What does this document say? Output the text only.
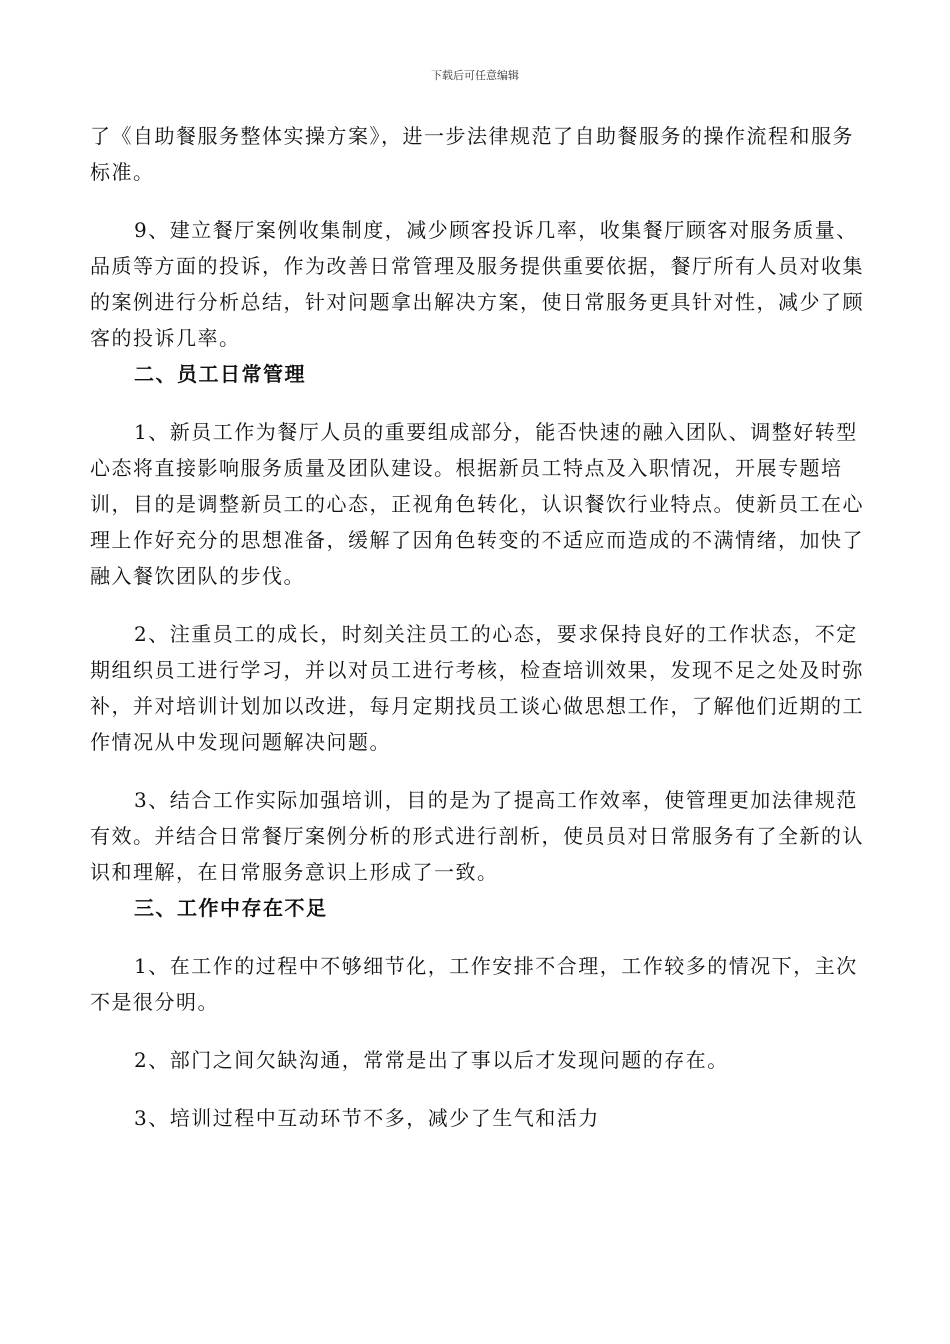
下载后可任意编辑

了《自助餐服务整体实操方案》，进一步法律规范了自助餐服务的操作流程和服务标准。

9、建立餐厅案例收集制度，减少顾客投诉几率，收集餐厅顾客对服务质量、品质等方面的投诉，作为改善日常管理及服务提供重要依据，餐厅所有人员对收集的案例进行分析总结，针对问题拿出解决方案，使日常服务更具针对性，减少了顾客的投诉几率。

二、员工日常管理

1、新员工作为餐厅人员的重要组成部分，能否快速的融入团队、调整好转型心态将直接影响服务质量及团队建设。根据新员工特点及入职情况，开展专题培训，目的是调整新员工的心态，正视角色转化，认识餐饮行业特点。使新员工在心理上作好充分的思想准备，缓解了因角色转变的不适应而造成的不满情绪，加快了融入餐饮团队的步伐。

2、注重员工的成长，时刻关注员工的心态，要求保持良好的工作状态，不定期组织员工进行学习，并以对员工进行考核，检查培训效果，发现不足之处及时弥补，并对培训计划加以改进，每月定期找员工谈心做思想工作，了解他们近期的工作情况从中发现问题解决问题。

3、结合工作实际加强培训，目的是为了提高工作效率，使管理更加法律规范有效。并结合日常餐厅案例分析的形式进行剖析，使员员对日常服务有了全新的认识和理解，在日常服务意识上形成了一致。

三、工作中存在不足

1、在工作的过程中不够细节化，工作安排不合理，工作较多的情况下，主次不是很分明。

2、部门之间欠缺沟通，常常是出了事以后才发现问题的存在。

3、培训过程中互动环节不多，减少了生气和活力
